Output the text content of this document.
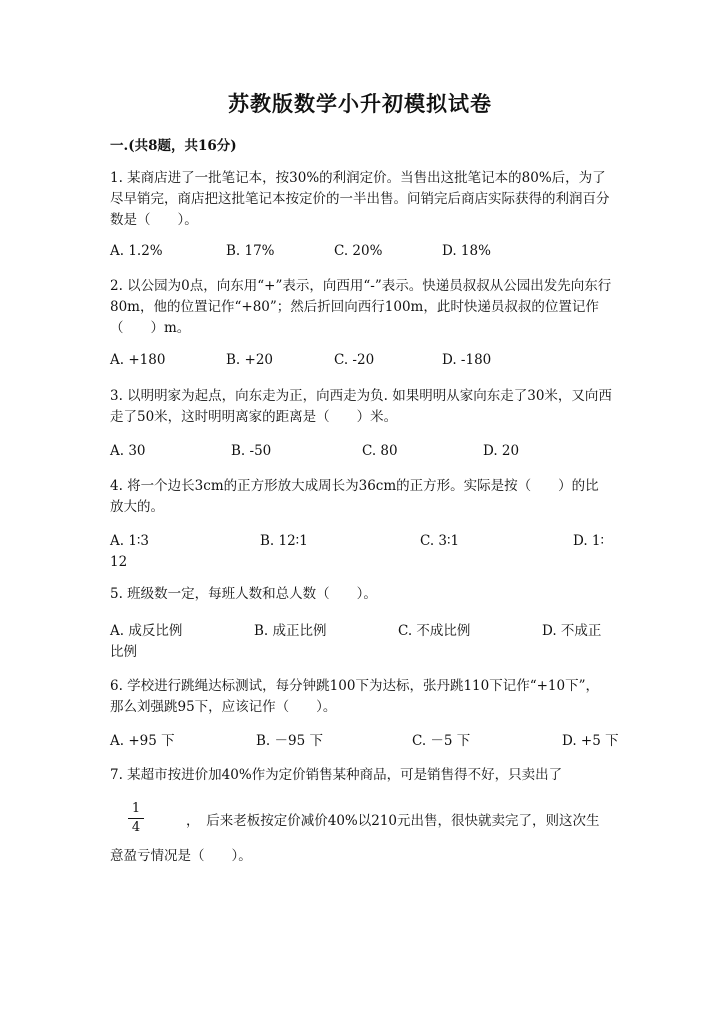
苏教版数学小升初模拟试卷
一.(共8题，共16分)
1. 某商店进了一批笔记本，按30%的利润定价。当售出这批笔记本的80%后，为了尽早销完，商店把这批笔记本按定价的一半出售。问销完后商店实际获得的利润百分数是（　　）。
A. 1.2%	B. 17%	C. 20%	D. 18%
2. 以公园为0点，向东用“+”表示，向西用“-”表示。快递员叔叔从公园出发先向东行80m，他的位置记作“+80”；然后折回向西行100m，此时快递员叔叔的位置记作（　　）m。
A. +180	B. +20	C. -20	D. -180
3. 以明明家为起点，向东走为正，向西走为负. 如果明明从家向东走了30米，又向西走了50米，这时明明离家的距离是（　　）米。
A. 30	B. -50	C. 80	D. 20
4. 将一个边长3cm的正方形放大成周长为36cm的正方形。实际是按（　　）的比放大的。
A. 1∶3	B. 12∶1	C. 3∶1	D. 1∶
12
5. 班级数一定，每班人数和总人数（　　）。
A. 成反比例	B. 成正比例	C. 不成比例	D. 不成正
比例
6. 学校进行跳绳达标测试，每分钟跳100下为达标，张丹跳110下记作“+10下”，那么刘强跳95下，应该记作（　　）。
A. +95 下	B. －95 下	C. －5 下	D. +5 下
7. 某超市按进价加40%作为定价销售某种商品，可是销售得不好，只卖出了
1
4	，　后来老板按定价减价40%以210元出售，很快就卖完了，则这次生
意盈亏情况是（　　）。
